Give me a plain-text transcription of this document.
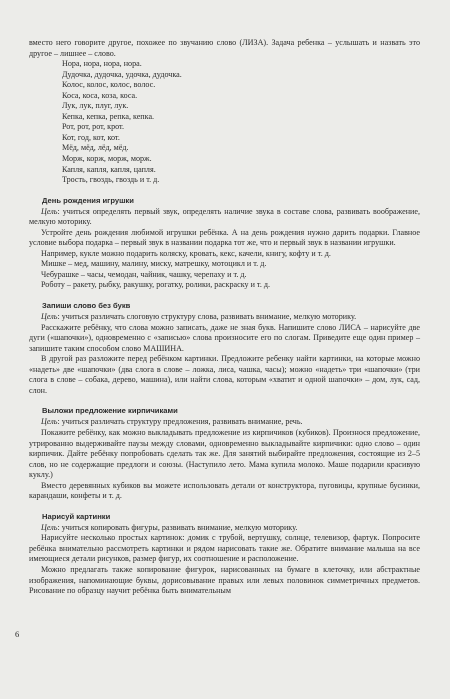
вместо него говорите другое, похожее по звучанию слово (ЛИЗА). Задача ребенка – услышать и назвать это другое – лишнее – слово.

Нора, нора, нора, нора.
Дудочка, дудочка, удочка, дудочка.
Колос, колос, колос, волос.
Коса, коса, коза, коса.
Лук, лук, плуг, лук.
Кепка, кепка, репка, кепка.
Рот, рот, рот, крот.
Кот, год, кот, кот.
Мёд, мёд, лёд, мёд.
Морж, корж, морж, морж.
Капля, капля, капля, цапля.
Трость, гвоздь, гвоздь и т. д.
День рождения игрушки

Цель: учиться определять первый звук, определять наличие звука в составе слова, развивать воображение, мелкую моторику.

Устройте день рождения любимой игрушки ребёнка. А на день рождения нужно дарить подарки. Главное условие выбора подарка – первый звук в названии подарка тот же, что и первый звук в названии игрушки.

Например, кукле можно подарить коляску, кровать, кекс, качели, книгу, кофту и т. д.

Мишке – мед, машину, малину, миску, матрешку, мотоцикл и т. д.

Чебурашке – часы, чемодан, чайник, чашку, черепаху и т. д.

Роботу – ракету, рыбку, ракушку, рогатку, ролики, раскраску и т. д.

Запиши слово без букв

Цель: учиться различать слоговую структуру слова, развивать внимание, мелкую моторику.

Расскажите ребёнку, что слова можно записать, даже не зная букв. Напишите слово ЛИСА – нарисуйте две дуги («шапочки»), одновременно с «записью» слова произносите его по слогам. Приведите еще один пример – запишите таким способом слово МАШИНА.

В другой раз разложите перед ребёнком картинки. Предложите ребенку найти картинки, на которые можно «надеть» две «шапочки» (два слога в слове – ложка, лиса, чашка, часы); можно «надеть» три «шапочки» (три слога в слове – собака, дерево, машина), или найти слова, которым «хватит и одной шапочки» – дом, лук, сад, слон.

Выложи предложение кирпичиками

Цель: учиться различать структуру предложения, развивать внимание, речь.

Покажите ребёнку, как можно выкладывать предложение из кирпичиков (кубиков). Произнося предложение, утрированно выдерживайте паузы между словами, одновременно выкладывайте кирпичики: одно слово – один кирпичик. Дайте ребёнку попробовать сделать так же. Для занятий выбирайте предложения, состоящие из 2–5 слов, но не содержащие предлоги и союзы. (Наступило лето. Мама купила молоко. Маше подарили красивую куклу.)

Вместо деревянных кубиков вы можете использовать детали от конструктора, пуговицы, крупные бусинки, карандаши, конфеты и т. д.

Нарисуй картинки

Цель: учиться копировать фигуры, развивать внимание, мелкую моторику.

Нарисуйте несколько простых картинок: домик с трубой, вертушку, солнце, телевизор, фартук. Попросите ребёнка внимательно рассмотреть картинки и рядом нарисовать такие же. Обратите внимание малыша на все имеющиеся детали рисунков, размер фигур, их соотношение и расположение.

Можно предлагать также копирование фигурок, нарисованных на бумаге в клеточку, или абстрактные изображения, напоминающие буквы, дорисовывание правых или левых половинок симметричных предметов. Рисование по образцу научит ребёнка быть внимательным

6
